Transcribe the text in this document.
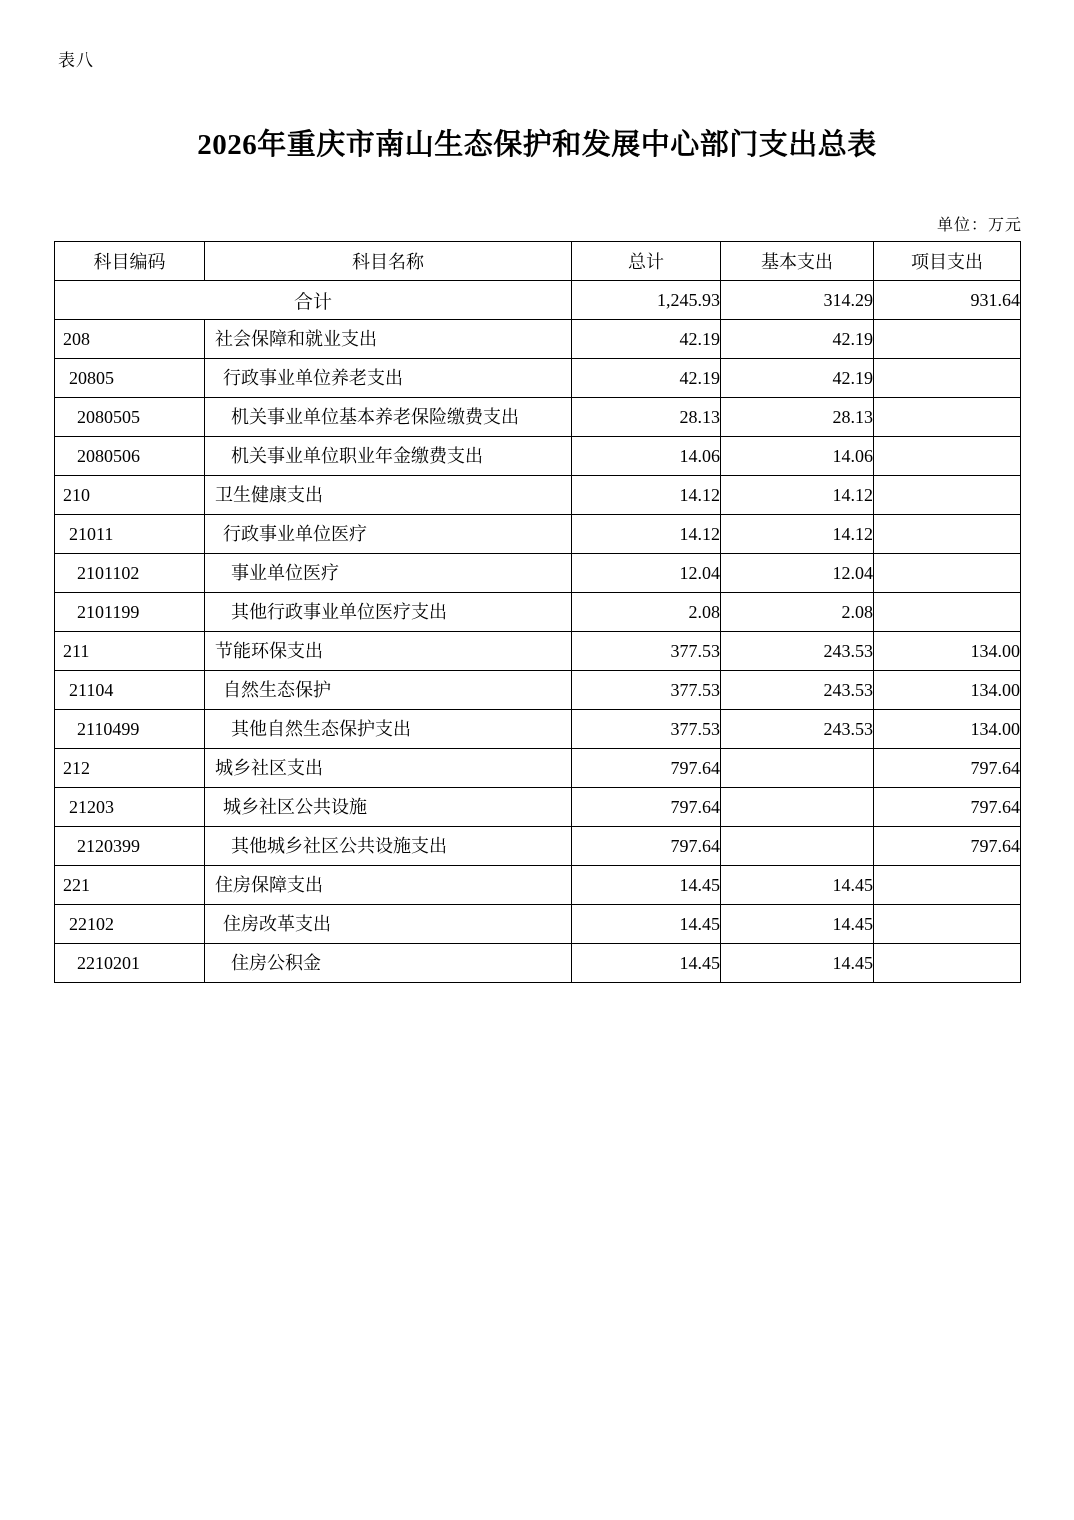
表八
2026年重庆市南山生态保护和发展中心部门支出总表
单位：万元
科目编码	科目名称	总计	基本支出	项目支出
合计		1,245.93	314.29	931.64
208	社会保障和就业支出	42.19	42.19	
20805	行政事业单位养老支出	42.19	42.19	
2080505	机关事业单位基本养老保险缴费支出	28.13	28.13	
2080506	机关事业单位职业年金缴费支出	14.06	14.06	
210	卫生健康支出	14.12	14.12	
21011	行政事业单位医疗	14.12	14.12	
2101102	事业单位医疗	12.04	12.04	
2101199	其他行政事业单位医疗支出	2.08	2.08	
211	节能环保支出	377.53	243.53	134.00
21104	自然生态保护	377.53	243.53	134.00
2110499	其他自然生态保护支出	377.53	243.53	134.00
212	城乡社区支出	797.64		797.64
21203	城乡社区公共设施	797.64		797.64
2120399	其他城乡社区公共设施支出	797.64		797.64
221	住房保障支出	14.45	14.45	
22102	住房改革支出	14.45	14.45	
2210201	住房公积金	14.45	14.45	
